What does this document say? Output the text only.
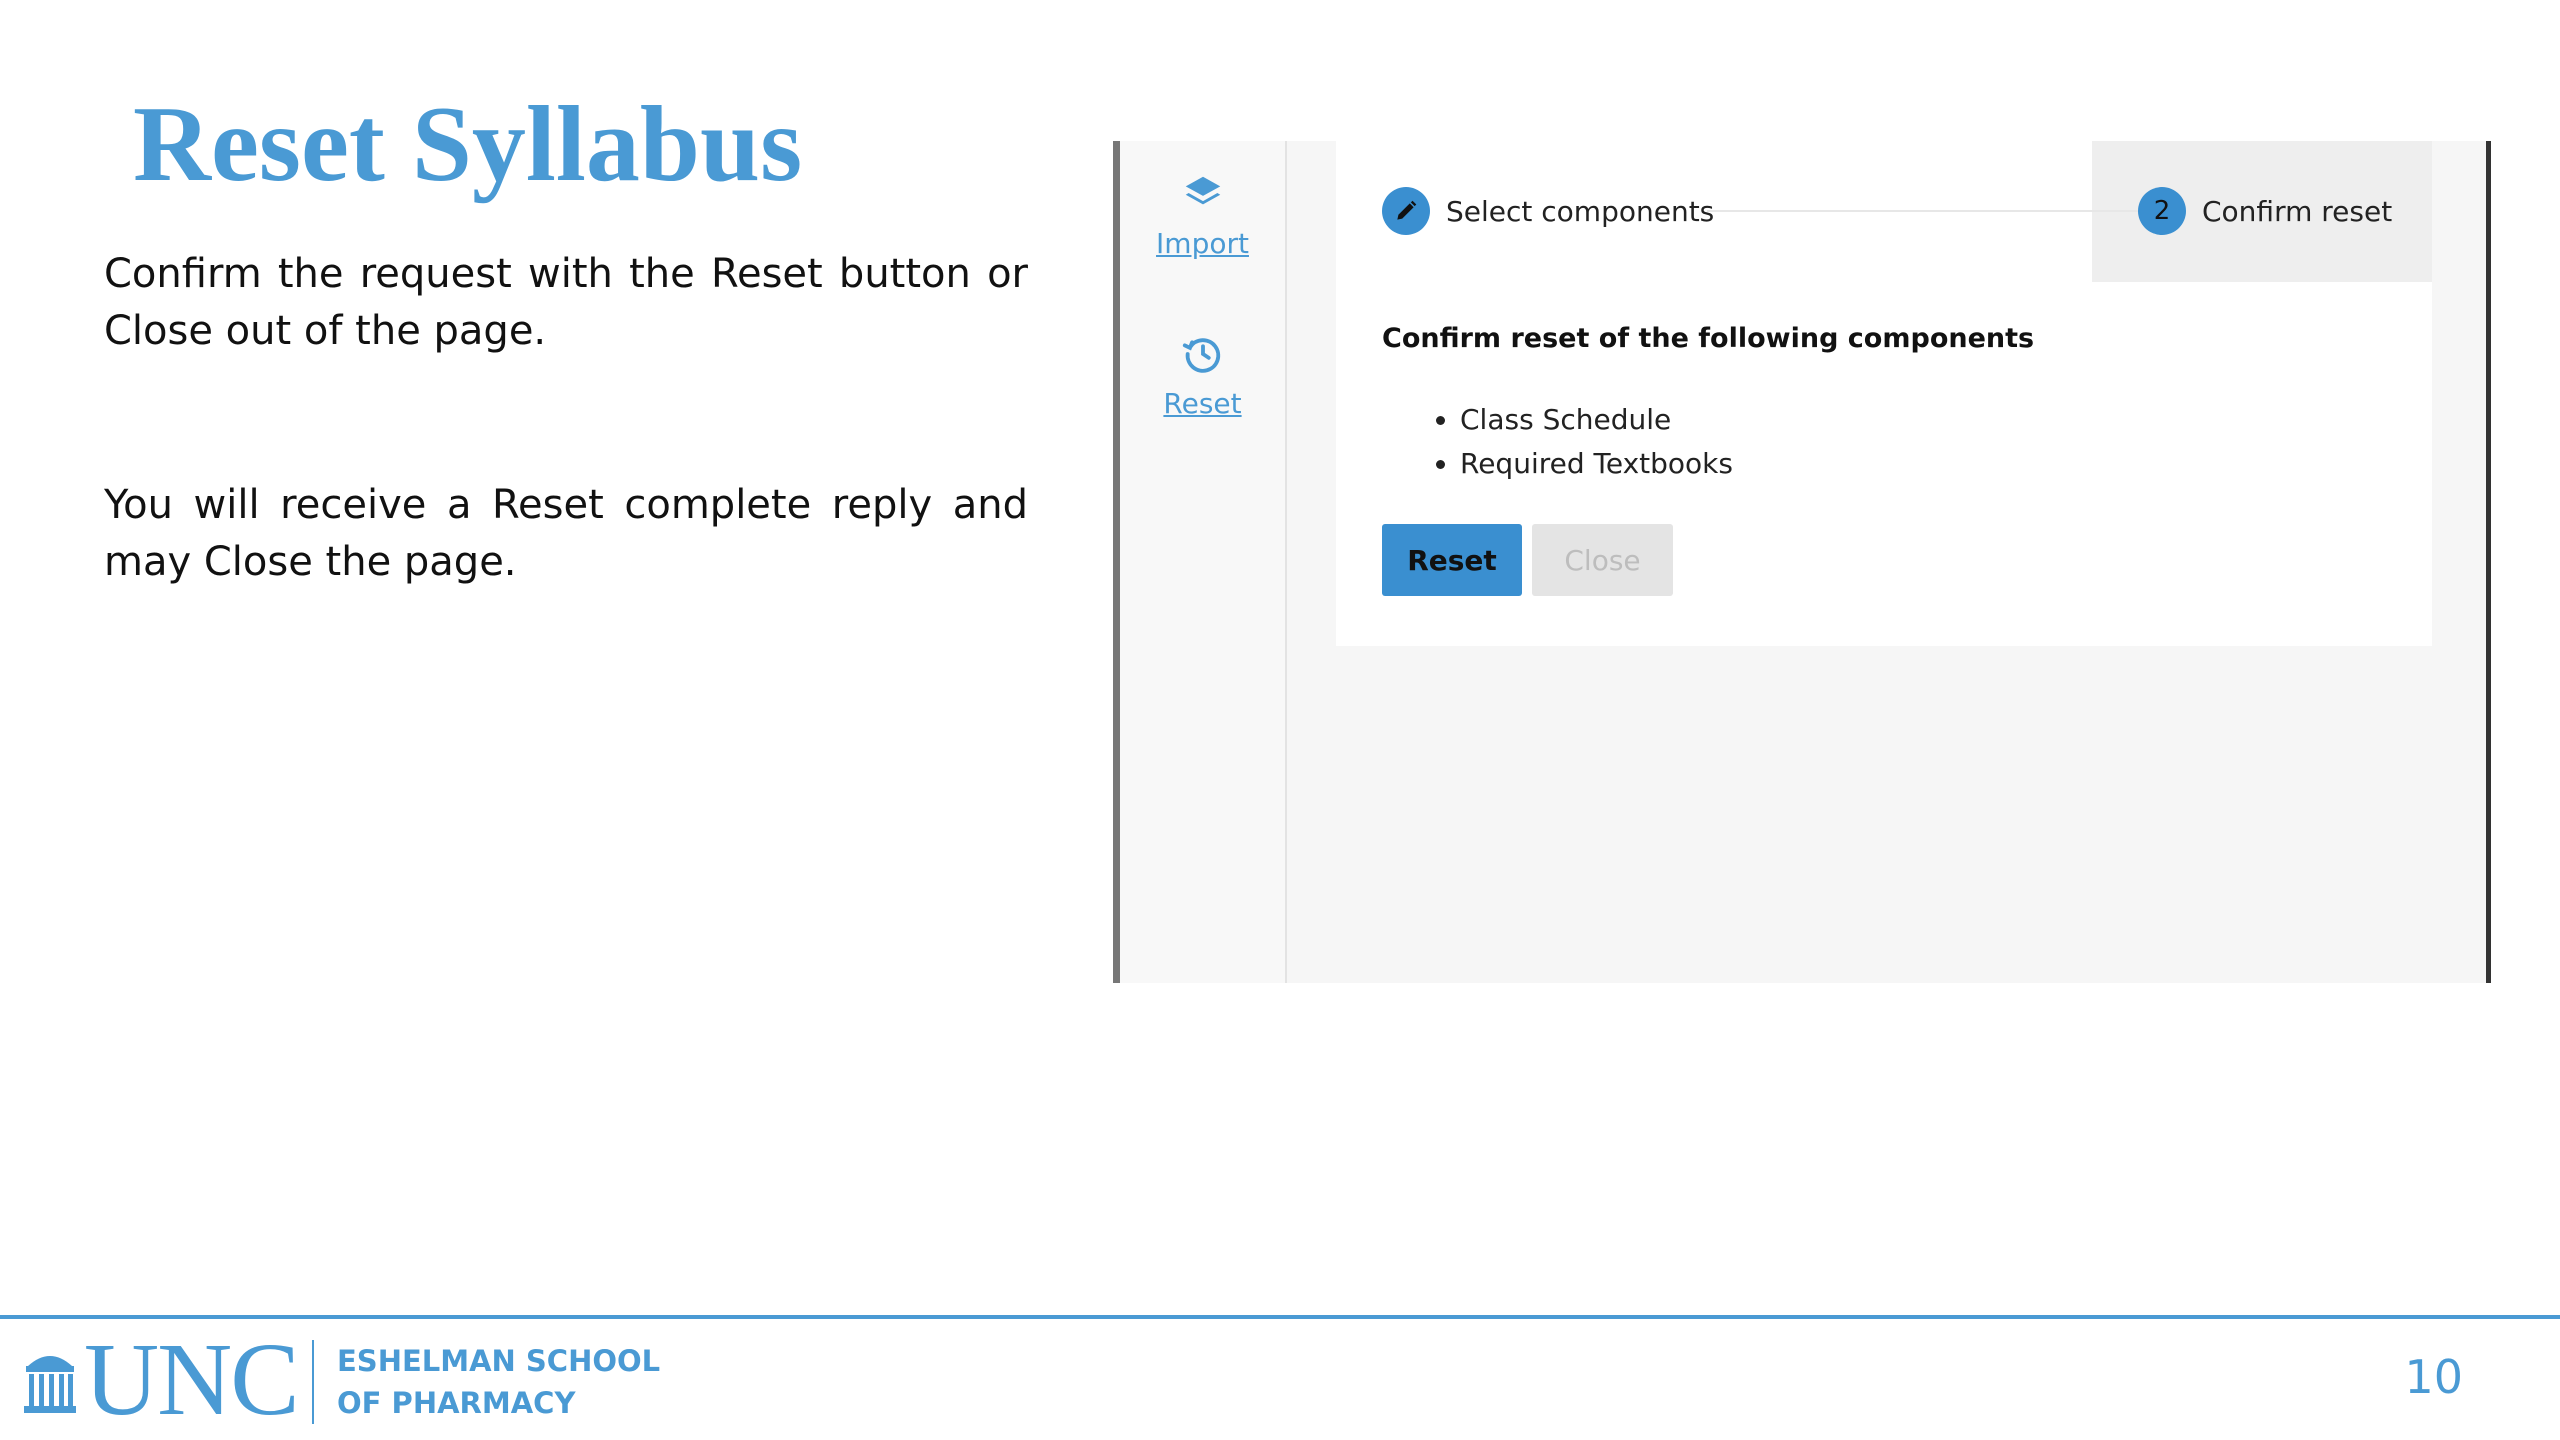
Reset Syllabus

Confirm the request with the Reset button or Close out of the page.

You will receive a Reset complete reply and may Close the page.

Import
Reset
Select components	2	Confirm reset
Confirm reset of the following components
• Class Schedule
• Required Textbooks
Reset	Close
UNC ESHELMAN SCHOOL
OF PHARMACY	10
